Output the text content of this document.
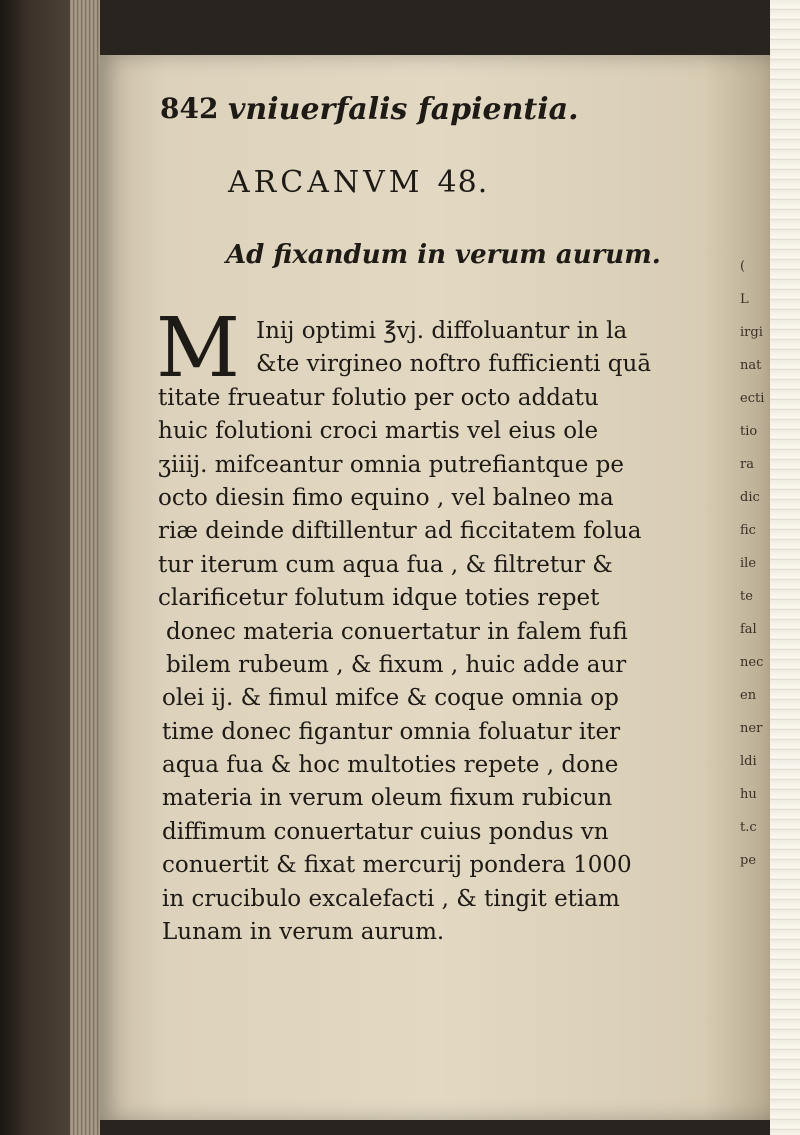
(
L
irgi
nat
ecti
tio
ra
dic
fic
ile
te
fal
nec
en
ner
ldi
hu
t.c
pe
842 vniuerfalis fapientia.
ARCANVM 48.
Ad fixandum in verum aurum.
M Inij optimi ℥vj. diffoluantur in la
&te virgineo noftro fufficienti quā
titate frueatur folutio per octo addatu
huic folutioni croci martis vel eius ole
ʒiiij. mifceantur omnia putrefiantque pe
octo diesin fimo equino , vel balneo ma
riæ deinde diftillentur ad ficcitatem folua
tur iterum cum aqua fua , & filtretur &
clarificetur folutum idque toties repet
donec materia conuertatur in falem fufi
bilem rubeum , & fixum , huic adde aur
olei ij. & fimul mifce & coque omnia op
time donec figantur omnia foluatur iter
aqua fua & hoc multoties repete , done
materia in verum oleum fixum rubicun
diffimum conuertatur cuius pondus vn
conuertit & fixat mercurij pondera 1000
in crucibulo excalefacti , & tingit etiam
Lunam in verum aurum.
